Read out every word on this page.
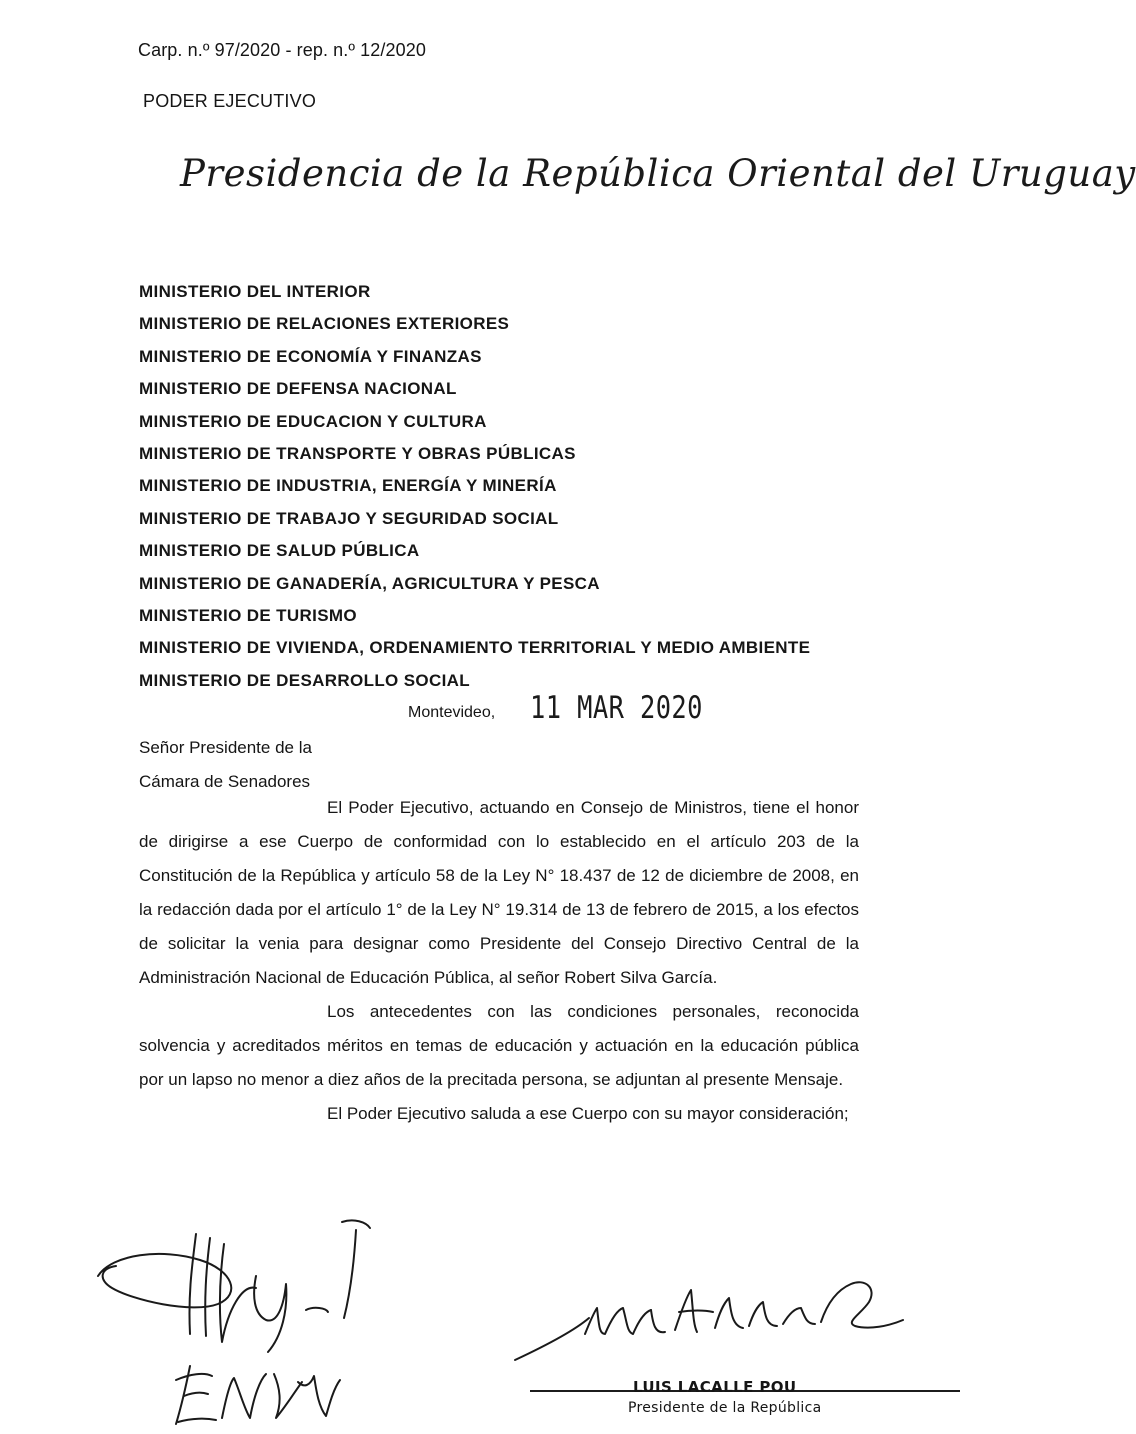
Carp. n.º 97/2020 - rep. n.º 12/2020
PODER EJECUTIVO
Presidencia de la República Oriental del Uruguay
MINISTERIO DEL INTERIOR
MINISTERIO DE RELACIONES EXTERIORES
MINISTERIO DE ECONOMÍA Y FINANZAS
MINISTERIO DE DEFENSA NACIONAL
MINISTERIO DE EDUCACION Y CULTURA
MINISTERIO DE TRANSPORTE Y OBRAS PÚBLICAS
MINISTERIO DE INDUSTRIA, ENERGÍA Y MINERÍA
MINISTERIO DE TRABAJO Y SEGURIDAD SOCIAL
MINISTERIO DE SALUD PÚBLICA
MINISTERIO DE GANADERÍA, AGRICULTURA Y PESCA
MINISTERIO DE TURISMO
MINISTERIO DE VIVIENDA, ORDENAMIENTO TERRITORIAL Y MEDIO AMBIENTE
MINISTERIO DE DESARROLLO SOCIAL
Montevideo, 11 MAR 2020
Señor Presidente de la
Cámara de Senadores

El Poder Ejecutivo, actuando en Consejo de Ministros, tiene el honor de dirigirse a ese Cuerpo de conformidad con lo establecido en el artículo 203 de la Constitución de la República y artículo 58 de la Ley N° 18.437 de 12 de diciembre de 2008, en la redacción dada por el artículo 1° de la Ley N° 19.314 de 13 de febrero de 2015, a los efectos de solicitar la venia para designar como Presidente del Consejo Directivo Central de la Administración Nacional de Educación Pública, al señor Robert Silva García.

Los antecedentes con las condiciones personales, reconocida solvencia y acreditados méritos en temas de educación y actuación en la educación pública por un lapso no menor a diez años de la precitada persona, se adjuntan al presente Mensaje.

El Poder Ejecutivo saluda a ese Cuerpo con su mayor consideración;

LUIS LACALLE POU
Presidente de la República
